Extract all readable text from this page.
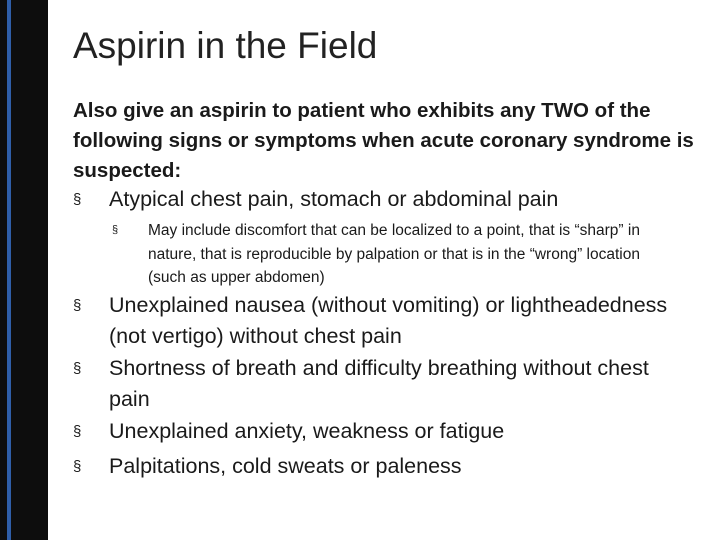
Aspirin in the Field

Also give an aspirin to patient who exhibits any TWO of the following signs or symptoms when acute coronary syndrome is suspected:

§ Atypical chest pain, stomach or abdominal pain
§ May include discomfort that can be localized to a point, that is “sharp” in nature, that is reproducible by palpation or that is in the “wrong” location (such as upper abdomen)
§ Unexplained nausea (without vomiting) or lightheadedness (not vertigo) without chest pain
§ Shortness of breath and difficulty breathing without chest pain
§ Unexplained anxiety, weakness or fatigue
§ Palpitations, cold sweats or paleness
